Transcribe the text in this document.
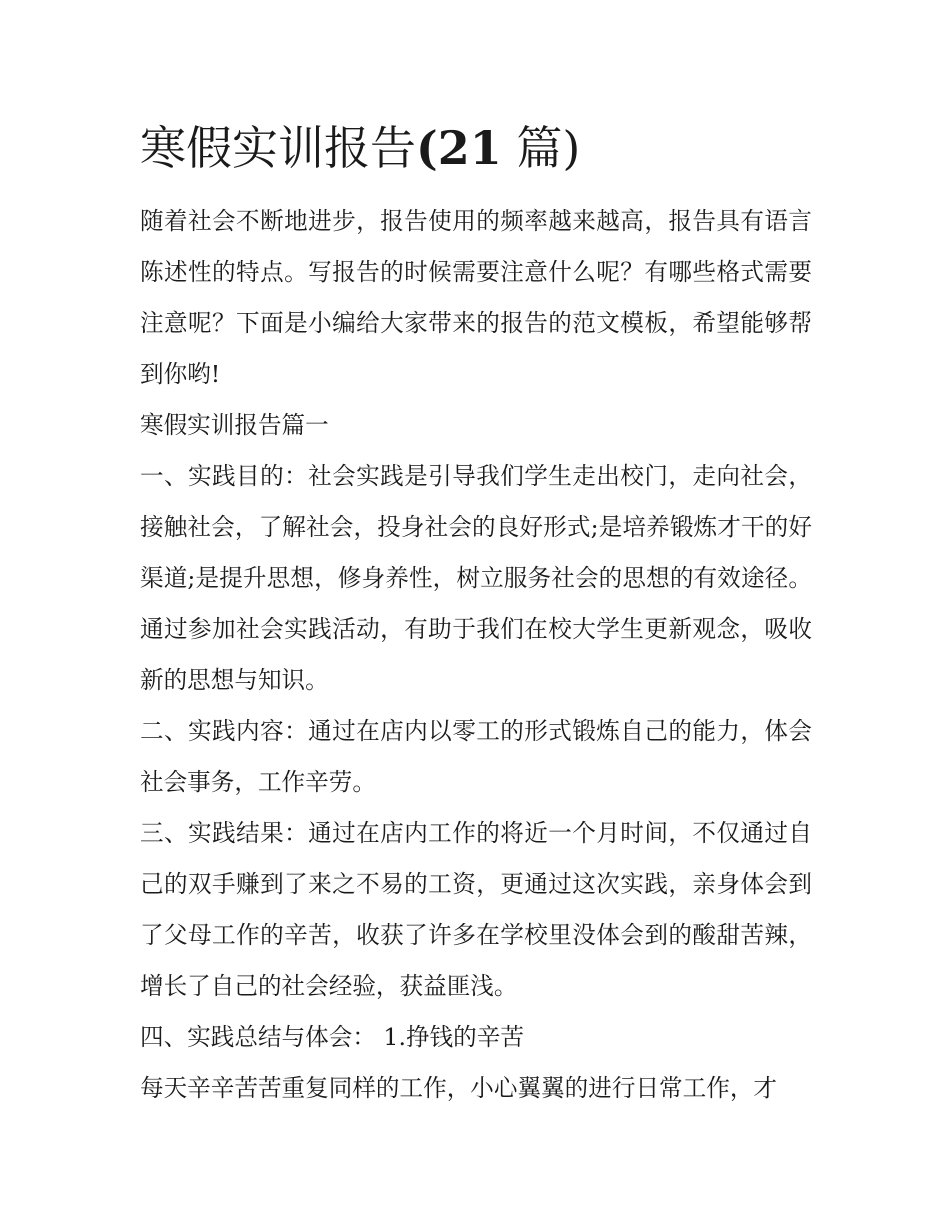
寒假实训报告(21 篇)

随着社会不断地进步，报告使用的频率越来越高，报告具有语言陈述性的特点。写报告的时候需要注意什么呢？有哪些格式需要注意呢？下面是小编给大家带来的报告的范文模板，希望能够帮到你哟!

寒假实训报告篇一

一、实践目的：社会实践是引导我们学生走出校门，走向社会，接触社会，了解社会，投身社会的良好形式;是培养锻炼才干的好渠道;是提升思想，修身养性，树立服务社会的思想的有效途径。通过参加社会实践活动，有助于我们在校大学生更新观念，吸收新的思想与知识。

二、实践内容：通过在店内以零工的形式锻炼自己的能力，体会社会事务，工作辛劳。

三、实践结果：通过在店内工作的将近一个月时间，不仅通过自己的双手赚到了来之不易的工资，更通过这次实践，亲身体会到了父母工作的辛苦，收获了许多在学校里没体会到的酸甜苦辣，增长了自己的社会经验，获益匪浅。

四、实践总结与体会： 1.挣钱的辛苦

每天辛辛苦苦重复同样的工作，小心翼翼的进行日常工作，才
